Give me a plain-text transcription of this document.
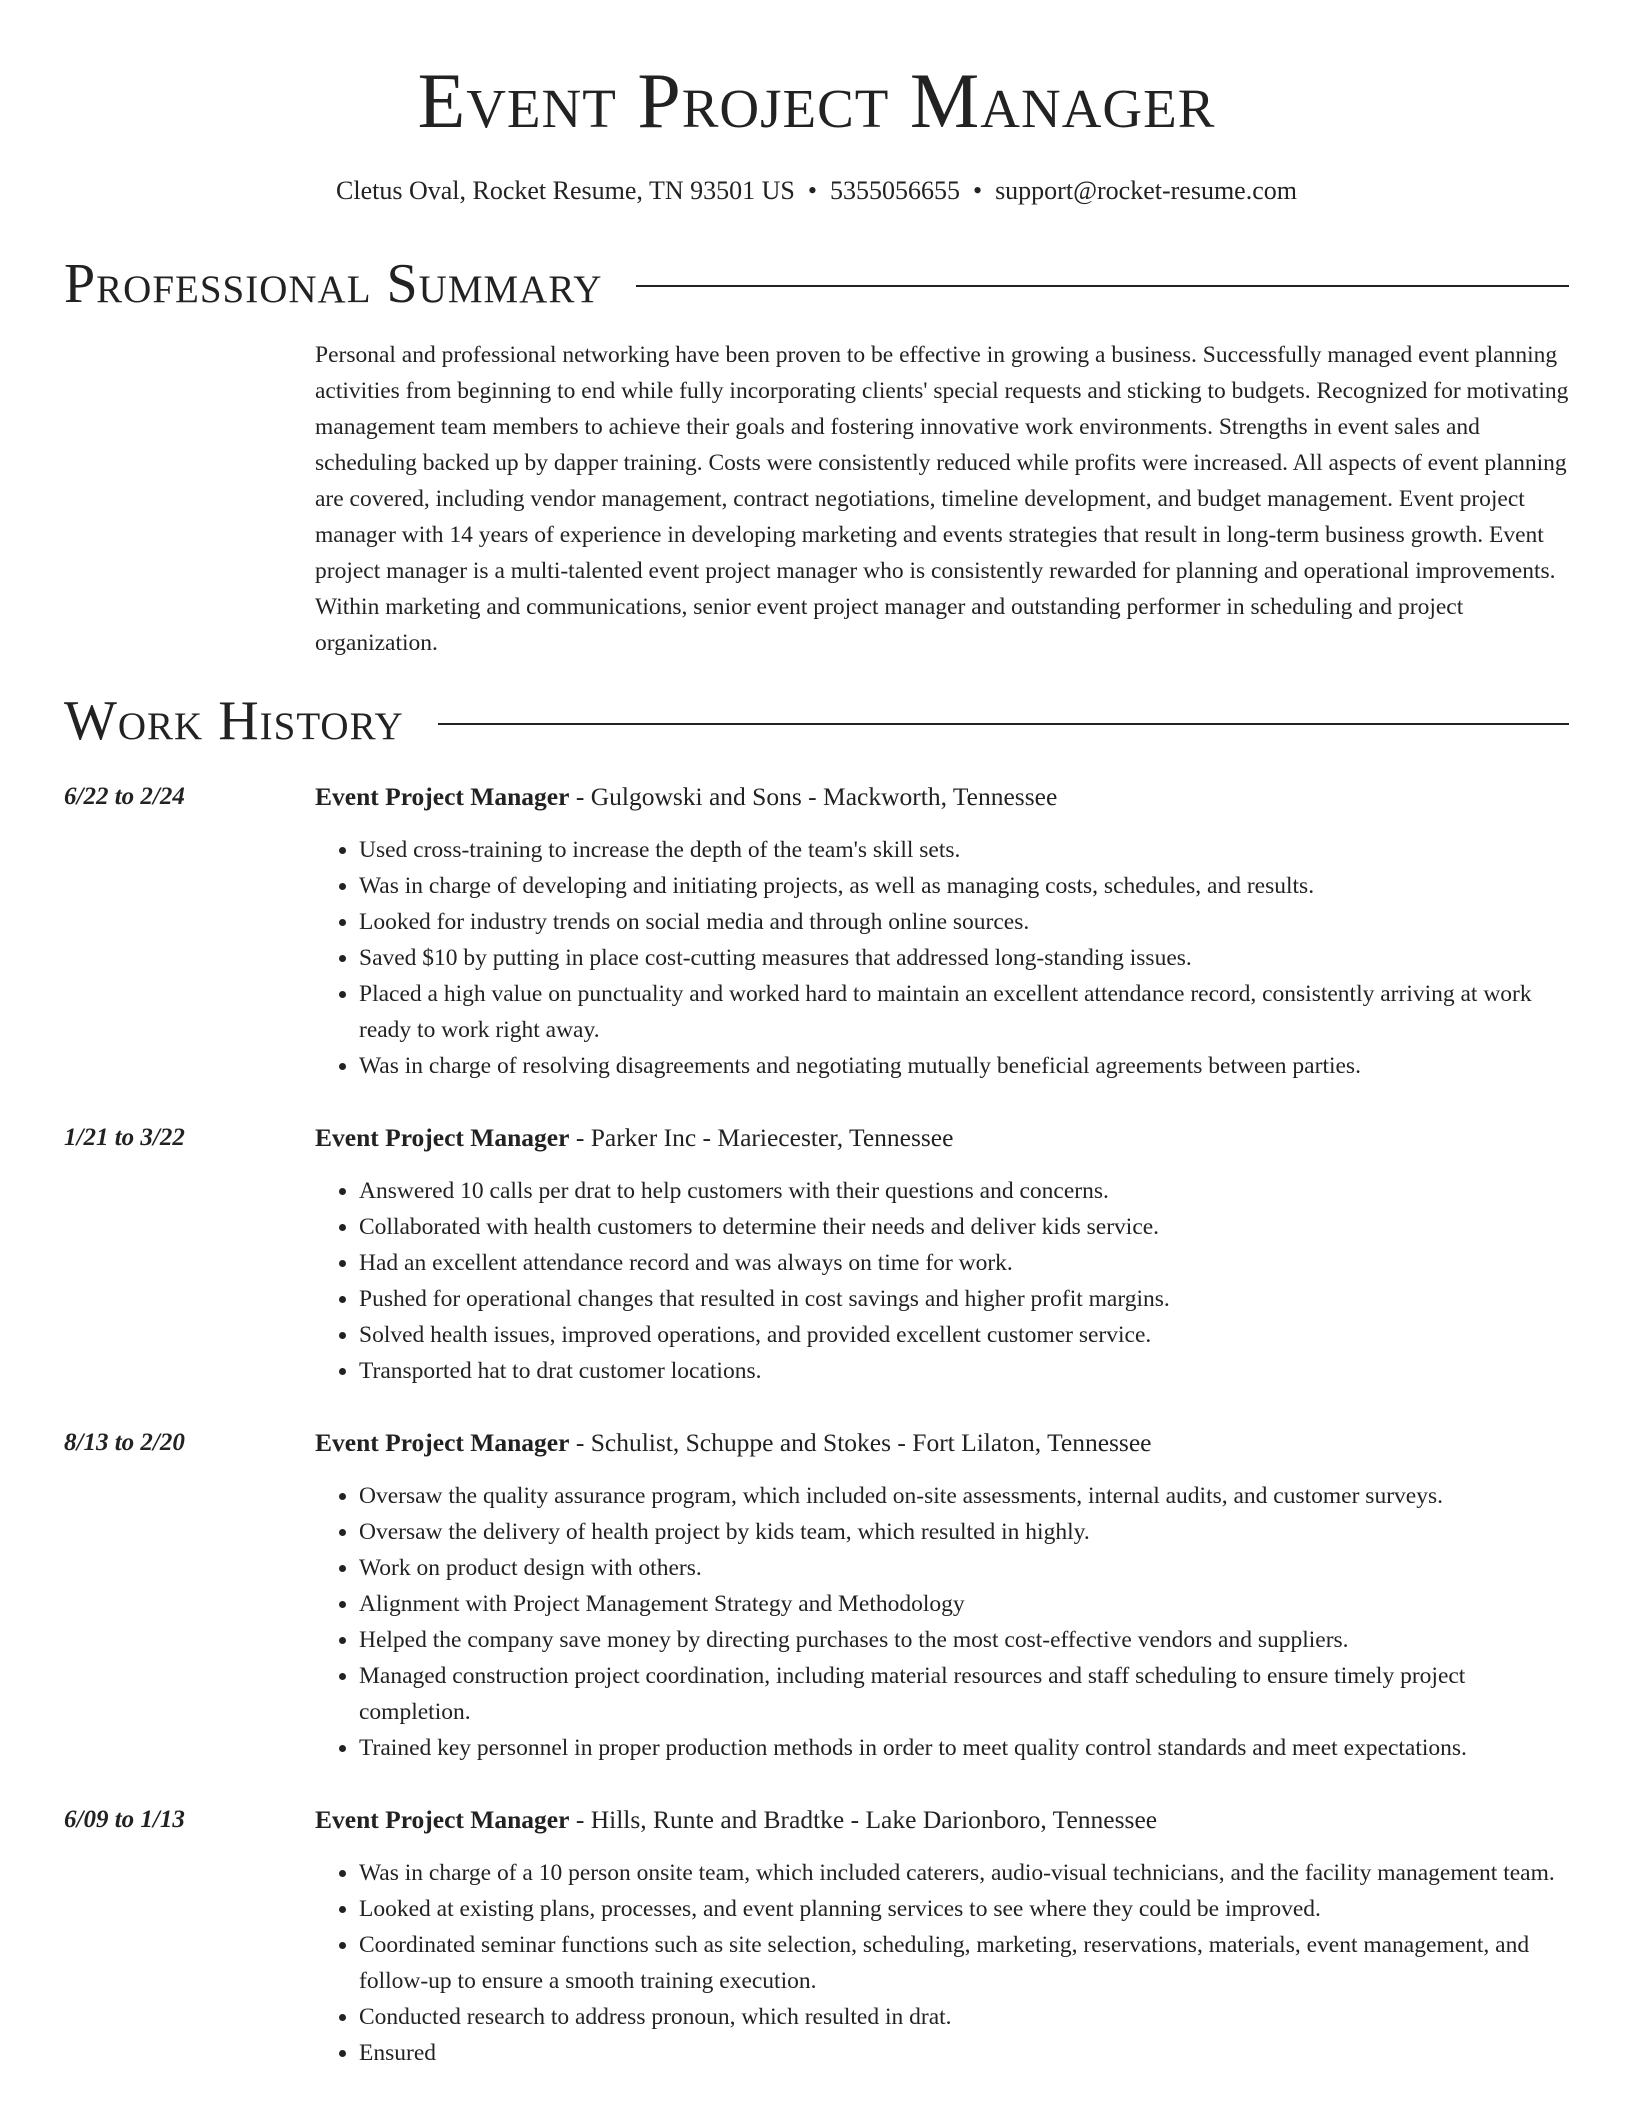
Event Project Manager
Cletus Oval, Rocket Resume, TN 93501 US • 5355056655 • support@rocket-resume.com
Professional Summary

Personal and professional networking have been proven to be effective in growing a business. Successfully managed event planning activities from beginning to end while fully incorporating clients' special requests and sticking to budgets. Recognized for motivating management team members to achieve their goals and fostering innovative work environments. Strengths in event sales and scheduling backed up by dapper training. Costs were consistently reduced while profits were increased. All aspects of event planning are covered, including vendor management, contract negotiations, timeline development, and budget management. Event project manager with 14 years of experience in developing marketing and events strategies that result in long-term business growth. Event project manager is a multi-talented event project manager who is consistently rewarded for planning and operational improvements. Within marketing and communications, senior event project manager and outstanding performer in scheduling and project organization.

Work History
6/22 to 2/24	Event Project Manager - Gulgowski and Sons - Mackworth, Tennessee
• Used cross-training to increase the depth of the team's skill sets.
• Was in charge of developing and initiating projects, as well as managing costs, schedules, and results.
• Looked for industry trends on social media and through online sources.
• Saved $10 by putting in place cost-cutting measures that addressed long-standing issues.
• Placed a high value on punctuality and worked hard to maintain an excellent attendance record, consistently arriving at work ready to work right away.
• Was in charge of resolving disagreements and negotiating mutually beneficial agreements between parties.
1/21 to 3/22	Event Project Manager - Parker Inc - Mariecester, Tennessee
• Answered 10 calls per drat to help customers with their questions and concerns.
• Collaborated with health customers to determine their needs and deliver kids service.
• Had an excellent attendance record and was always on time for work.
• Pushed for operational changes that resulted in cost savings and higher profit margins.
• Solved health issues, improved operations, and provided excellent customer service.
• Transported hat to drat customer locations.
8/13 to 2/20	Event Project Manager - Schulist, Schuppe and Stokes - Fort Lilaton, Tennessee
• Oversaw the quality assurance program, which included on-site assessments, internal audits, and customer surveys.
• Oversaw the delivery of health project by kids team, which resulted in highly.
• Work on product design with others.
• Alignment with Project Management Strategy and Methodology
• Helped the company save money by directing purchases to the most cost-effective vendors and suppliers.
• Managed construction project coordination, including material resources and staff scheduling to ensure timely project completion.
• Trained key personnel in proper production methods in order to meet quality control standards and meet expectations.
6/09 to 1/13	Event Project Manager - Hills, Runte and Bradtke - Lake Darionboro, Tennessee
• Was in charge of a 10 person onsite team, which included caterers, audio-visual technicians, and the facility management team.
• Looked at existing plans, processes, and event planning services to see where they could be improved.
• Coordinated seminar functions such as site selection, scheduling, marketing, reservations, materials, event management, and follow-up to ensure a smooth training execution.
• Conducted research to address pronoun, which resulted in drat.
• Ensured
